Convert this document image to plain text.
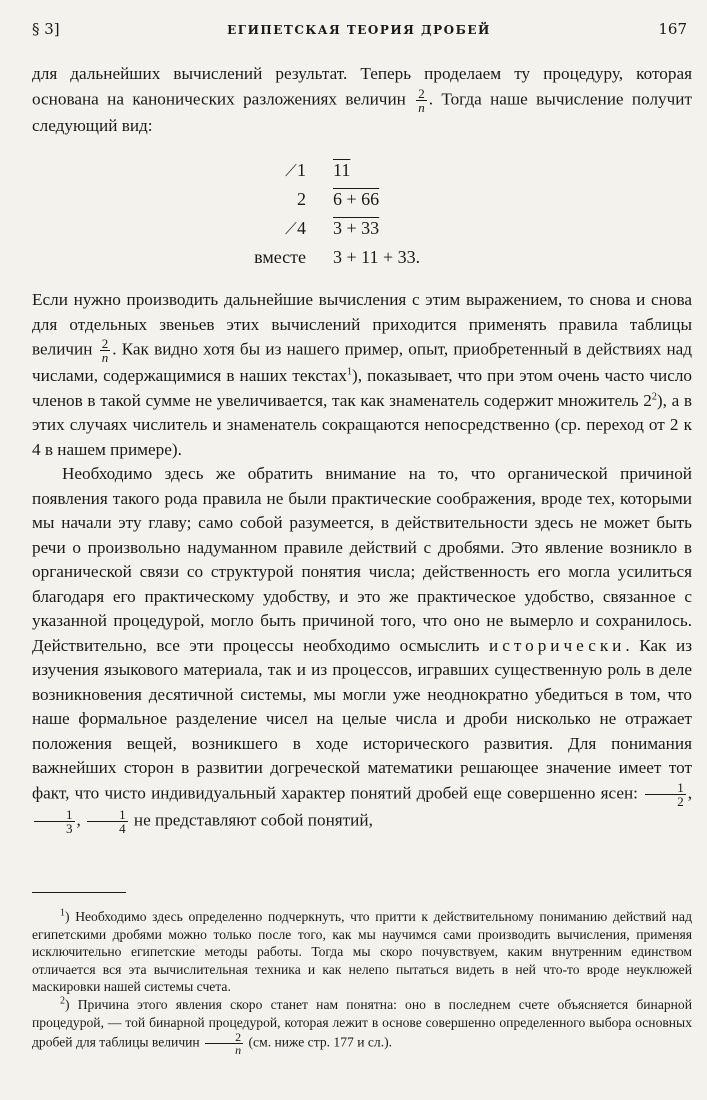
§ 3]	ЕГИПЕТСКАЯ ТЕОРИЯ ДРОБЕЙ	167

для дальнейших вычислений результат. Теперь проделаем ту процедуру, которая основана на канонических разложениях величин $\frac{2}{n}$ . Тогда наше вычисление получит следующий вид:

/1 11
2 6 + 66
/4 3 + 33
вместе 3 + 11 + 33.

Если нужно производить дальнейшие вычисления с этим выражением, то снова и снова для отдельных звеньев этих вычислений приходится применять правила таблицы величин $\frac{2}{n}$ . Как видно хотя бы из нашего пример, опыт, приобретенный в действиях над числами, содержащимися в наших текстах$^1$), показывает, что при этом очень часто число членов в такой сумме не увеличивается, так как знаменатель содержит множитель $2^2$), а в этих случаях числитель и знаменатель сокращаются непосредственно (ср. переход от 2 к 4 в нашем примере).

Необходимо здесь же обратить внимание на то, что органической причиной появления такого рода правила не были практические соображения, вроде тех, которыми мы начали эту главу; само собой разумеется, в действительности здесь не может быть речи о произвольно надуманном правиле действий с дробями. Это явление возникло в органической связи со структурой понятия числа; действенность его могла усилиться благодаря его практическому удобству, и это же практическое удобство, связанное с указанной процедурой, могло быть причиной того, что оно не вымерло и сохранилось. Действительно, все эти процессы необходимо осмыслить исторически. Как из изучения языкового материала, так и из процессов, игравших существенную роль в деле возникновения десятичной системы, мы могли уже неоднократно убедиться в том, что наше формальное разделение чисел на целые числа и дроби нисколько не отражает положения вещей, возникшего в ходе исторического развития. Для понимания важнейших сторон в развитии догреческой математики решающее значение имеет тот факт, что чисто индивидуальный характер понятий дробей еще совершенно ясен: $\frac{1}{2}$ ,
$\frac{1}{3}$ , $\frac{1}{4}$ не представляют собой понятий,

$^1$) Необходимо здесь определенно подчеркнуть, что притти к действительному пониманию действий над египетскими дробями можно только после того, как мы научимся сами производить вычисления, применяя исключительно египетские методы работы. Тогда мы скоро почувствуем, каким внутренним единством отличается вся эта вычислительная техника и как нелепо пытаться видеть в ней что-то вроде неуклюжей маскировки нашей системы счета.

$^2$) Причина этого явления скоро станет нам понятна: оно в последнем счете объясняется бинарной процедурой, — той бинарной процедурой, которая лежит в основе совершенно определенного выбора основных дробей для таблицы величин $\frac{2}{n} (см$. ниже стр. 177 и сл.).
